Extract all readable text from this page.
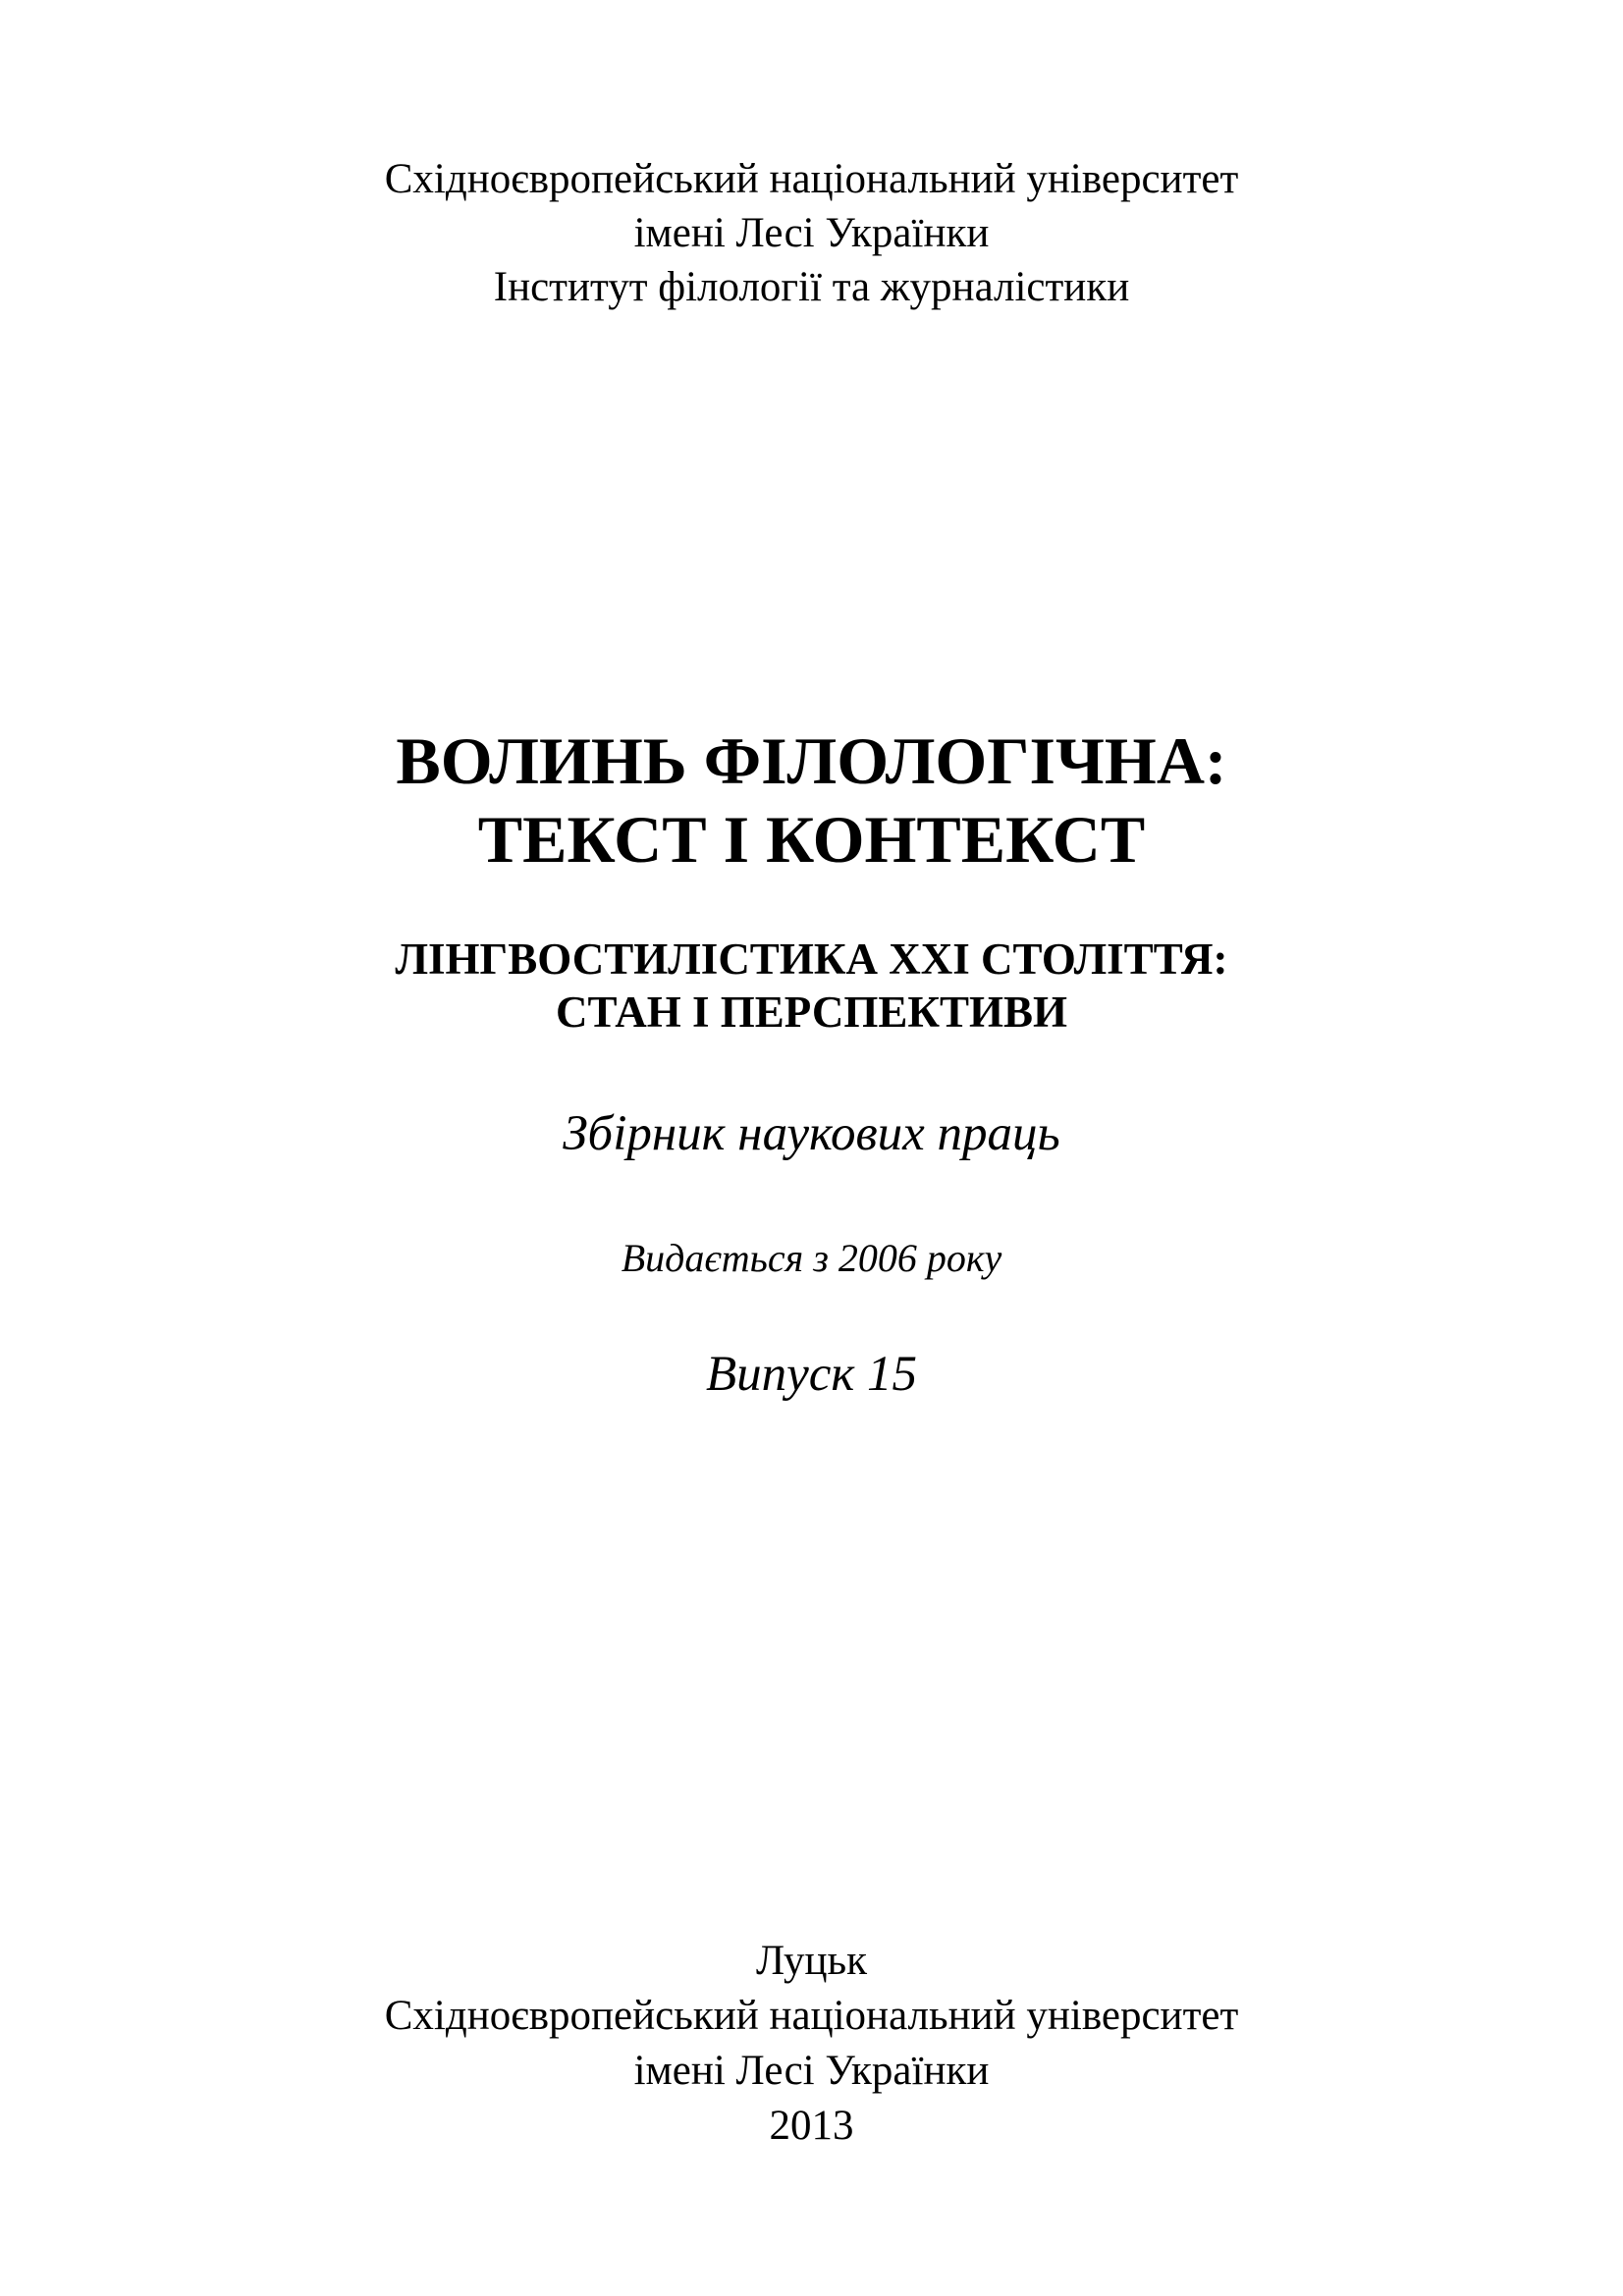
Східноєвропейський національний університет
імені Лесі Українки
Інститут філології та журналістики
ВОЛИНЬ ФІЛОЛОГІЧНА:
ТЕКСТ І КОНТЕКСТ
ЛІНГВОСТИЛІСТИКА ХХІ СТОЛІТТЯ:
СТАН І ПЕРСПЕКТИВИ
Збірник наукових праць
Видається з 2006 року
Випуск 15
Луцьк
Східноєвропейський національний університет
імені Лесі Українки
2013
